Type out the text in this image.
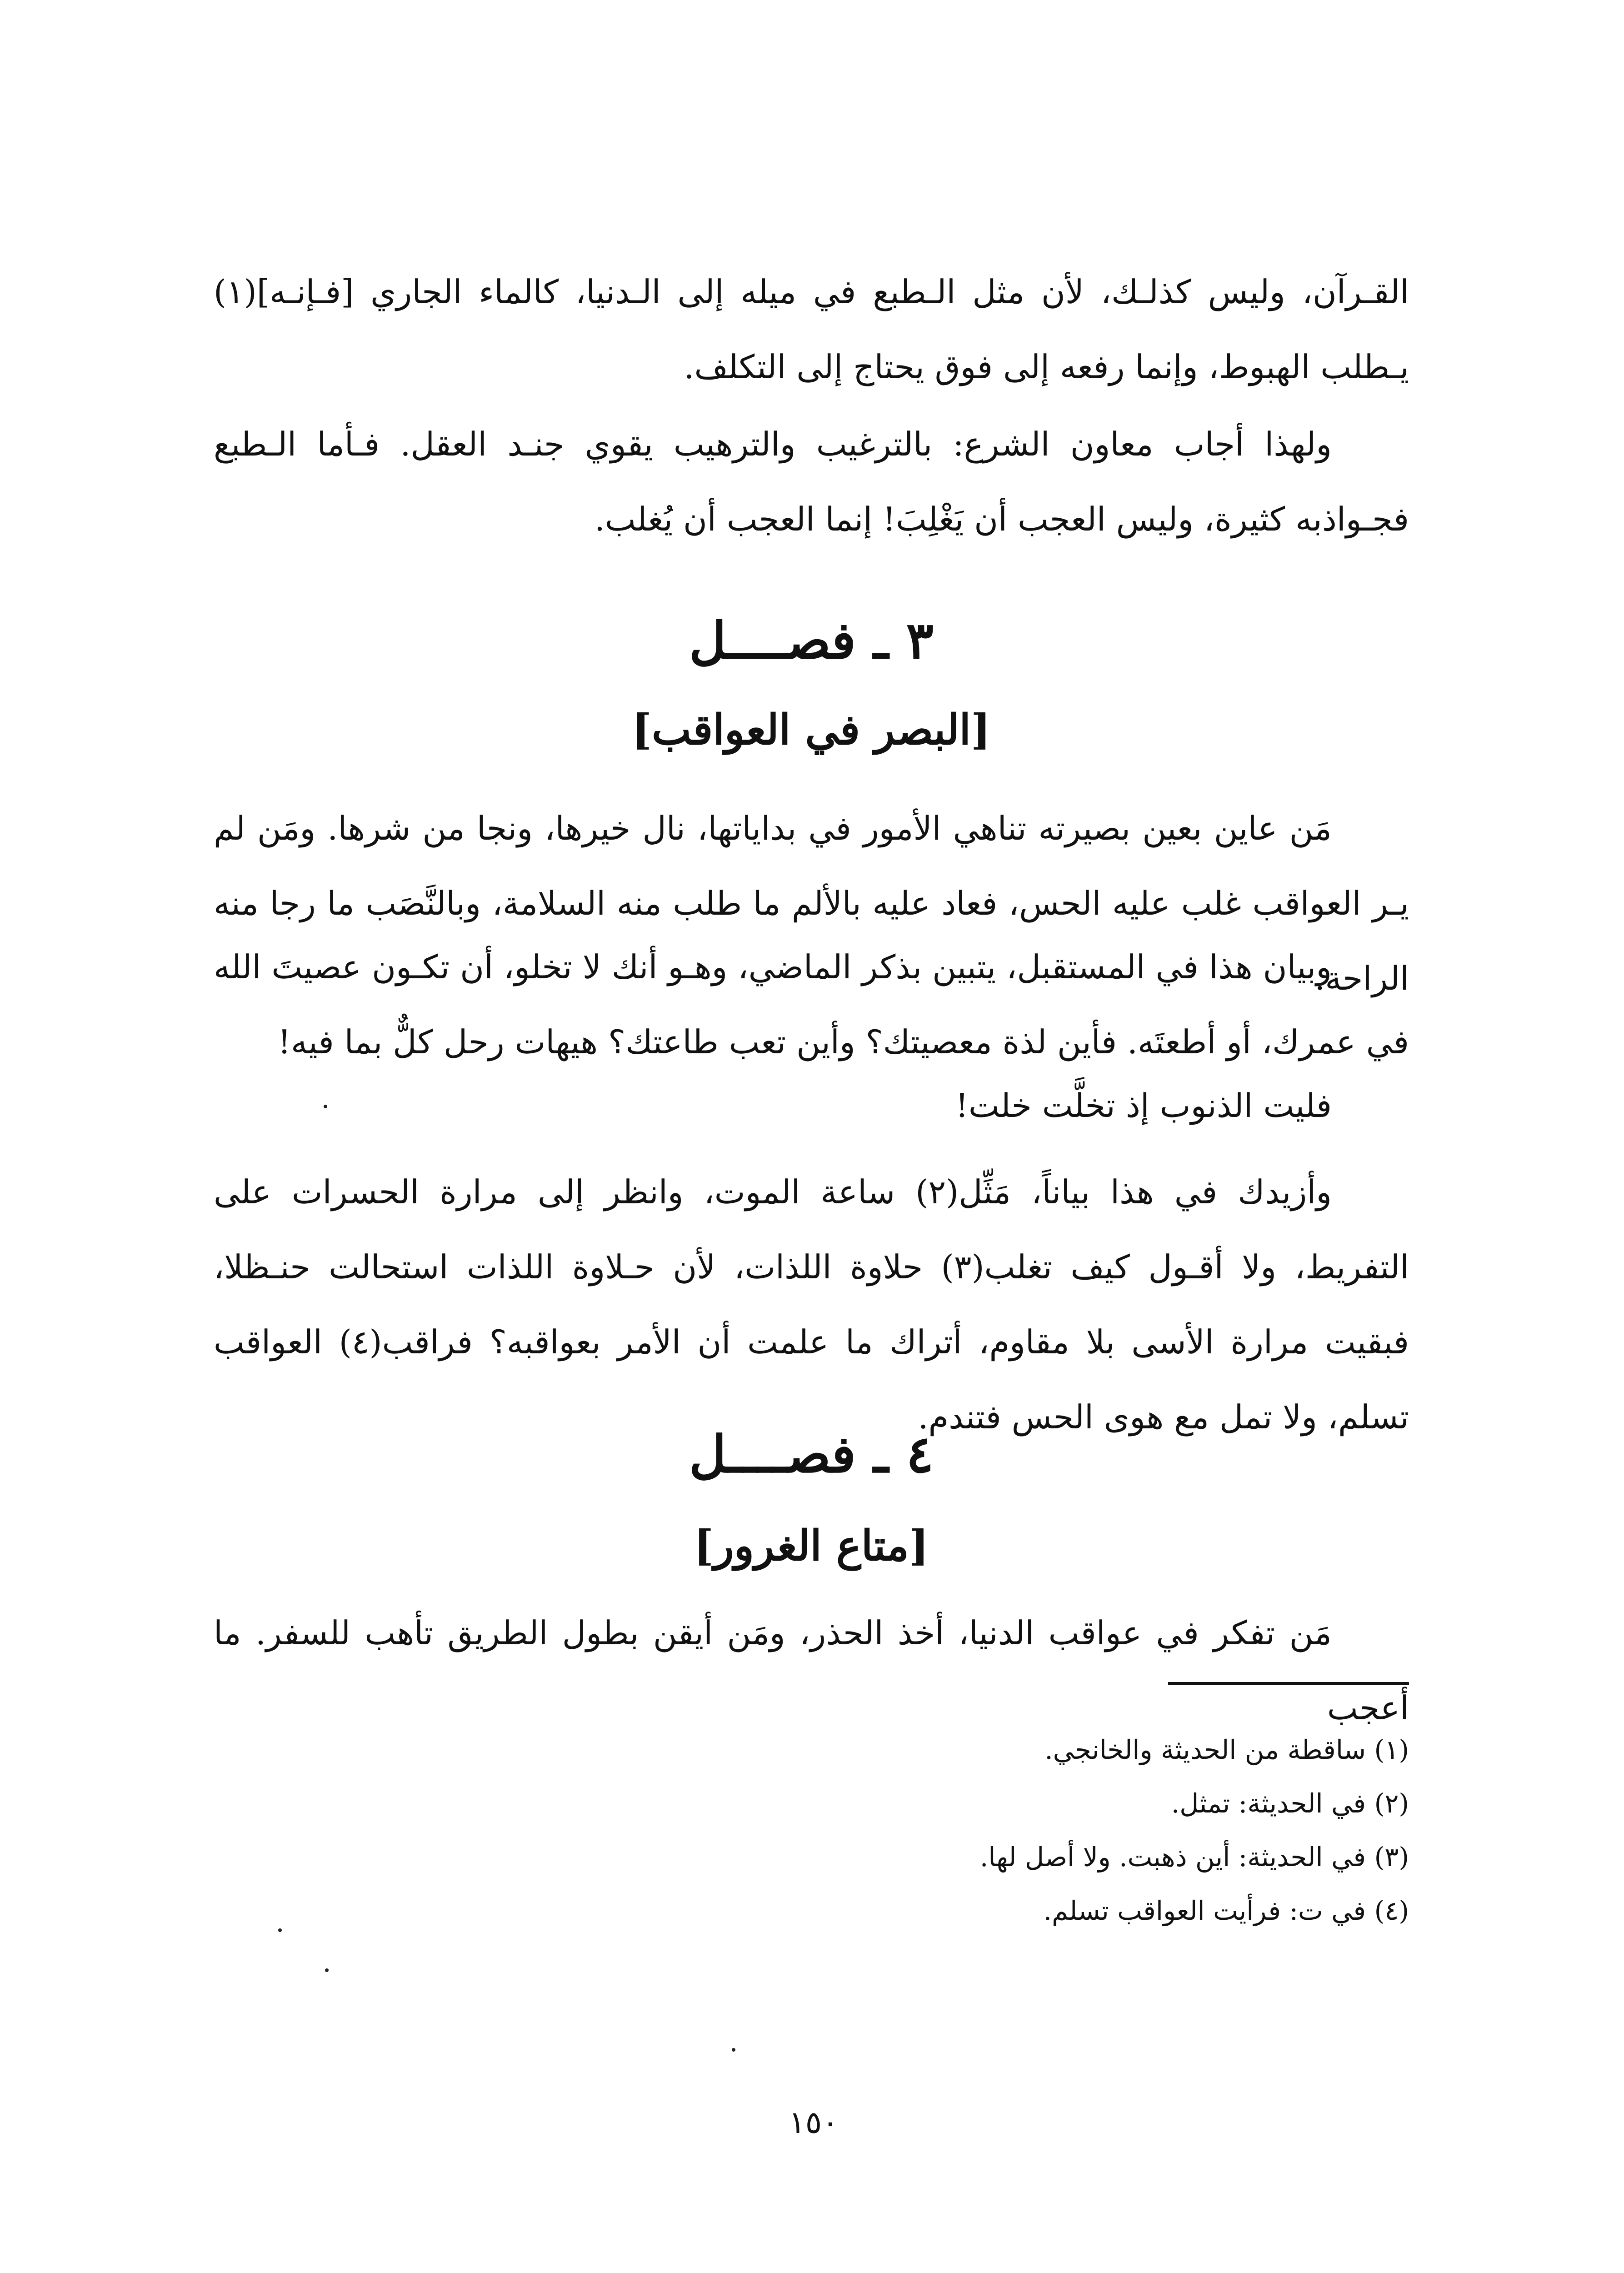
القـرآن، وليس كذلـك، لأن مثل الـطبع في ميله إلى الـدنيا، كالماء الجاري [فـإنـه](١) يـطلب الهبوط، وإنما رفعه إلى فوق يحتاج إلى التكلف.

ولهذا أجاب معاون الشرع: بالترغيب والترهيب يقوي جنـد العقل. فـأما الـطبع فجـواذبه كثيرة، وليس العجب أن يَغْلِبَ! إنما العجب أن يُغلب.

٣ ـ فصــــل
[البصر في العواقب]

مَن عاين بعين بصيرته تناهي الأمور في بداياتها، نال خيرها، ونجا من شرها. ومَن لم يـر العواقب غلب عليه الحس، فعاد عليه بالألم ما طلب منه السلامة، وبالنَّصَب ما رجا منه الراحة.

وبيان هذا في المستقبل، يتبين بذكر الماضي، وهـو أنك لا تخلو، أن تكـون عصيتَ الله في عمرك، أو أطعتَه. فأين لذة معصيتك؟ وأين تعب طاعتك؟ هيهات رحل كلٌّ بما فيه!

فليت الذنوب إذ تخلَّت خلت!

وأزيدك في هذا بياناً، مَثِّل(٢) ساعة الموت، وانظر إلى مرارة الحسرات على التفريط، ولا أقـول كيف تغلب(٣) حلاوة اللذات، لأن حـلاوة اللذات استحالت حنـظلا، فبقيت مرارة الأسى بلا مقاوم، أتراك ما علمت أن الأمر بعواقبه؟ فراقب(٤) العواقب تسلم، ولا تمل مع هوى الحس فتندم.

٤ ـ فصــــل
[متاع الغرور]

مَن تفكر في عواقب الدنيا، أخذ الحذر، ومَن أيقن بطول الطريق تأهب للسفر. ما أعجب

(١) ساقطة من الحديثة والخانجي.

(٢) في الحديثة: تمثل.

(٣) في الحديثة: أين ذهبت. ولا أصل لها.

(٤) في ت: فرأيت العواقب تسلم.

١٥٠
